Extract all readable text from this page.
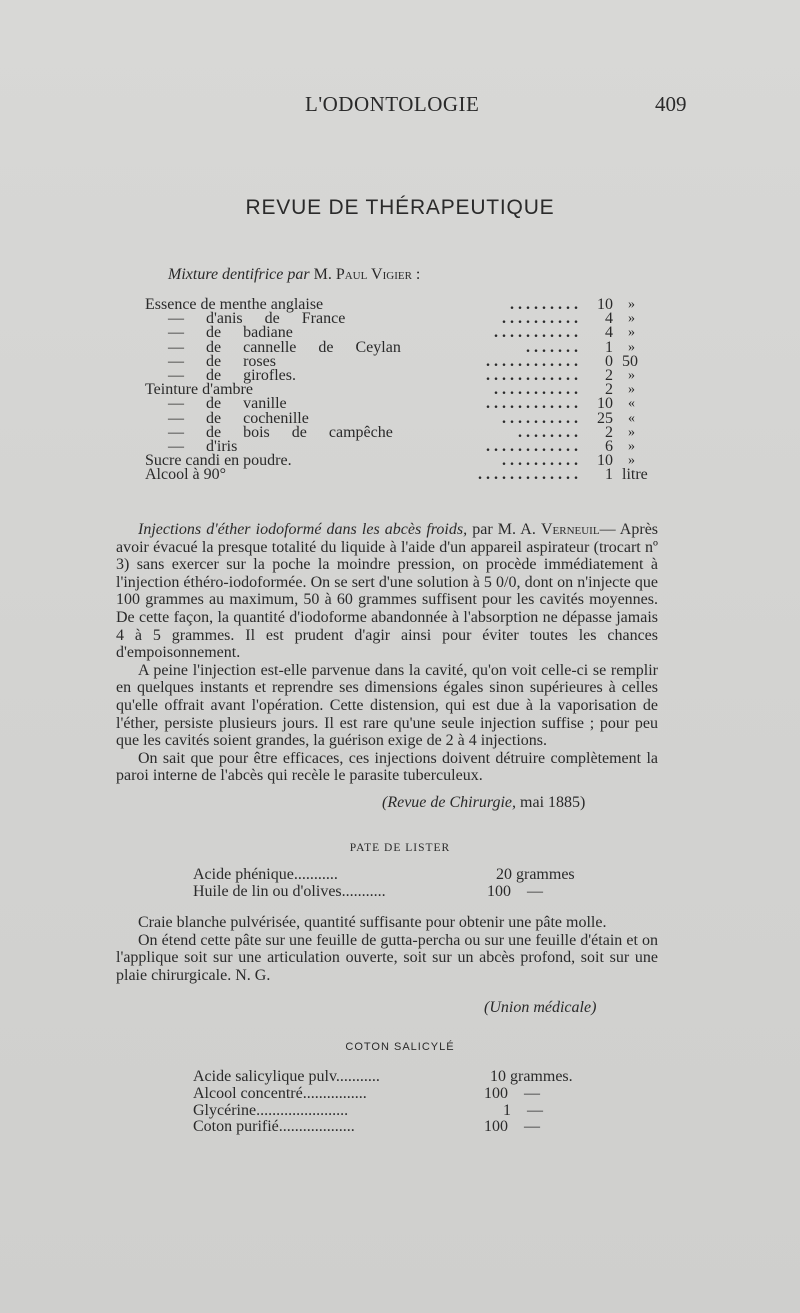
L'ODONTOLOGIE	409
REVUE DE THÉRAPEUTIQUE
Mixture dentifrice par M. Paul Vigier :
Essence de menthe anglaise	......... 10 »
— d'anis de France	.......... 4 »
— de badiane	........... 4 »
— de cannelle de Ceylan	....... 1 »
— de roses	............ 0 50
— de girofles.	............ 2 »
Teinture d'ambre	........... 2 »
— de vanille	............ 10 «
— de cochenille	.......... 25 «
— de bois de campêche	........ 2 »
— d'iris	............ 6 »
Sucre candi en poudre.	.......... 10 »
Alcool à 90°	............. 1 litre

Injections d'éther iodoformé dans les abcès froids, par M. A. Verneuil— Après avoir évacué la presque totalité du liquide à l'aide d'un appareil aspirateur (trocart nº 3) sans exercer sur la poche la moindre pression, on procède immédiatement à l'injection éthéro-iodoformée. On se sert d'une solution à 5 0/0, dont on n'injecte que 100 grammes au maximum, 50 à 60 grammes suffisent pour les cavités moyennes. De cette façon, la quantité d'iodoforme abandonnée à l'absorption ne dépasse jamais 4 à 5 grammes. Il est prudent d'agir ainsi pour éviter toutes les chances d'empoisonnement.

A peine l'injection est-elle parvenue dans la cavité, qu'on voit celle-ci se remplir en quelques instants et reprendre ses dimensions égales sinon supérieures à celles qu'elle offrait avant l'opération. Cette distension, qui est due à la vaporisation de l'éther, persiste plusieurs jours. Il est rare qu'une seule injection suffise ; pour peu que les cavités soient grandes, la guérison exige de 2 à 4 injections.

On sait que pour être efficaces, ces injections doivent détruire complètement la paroi interne de l'abcès qui recèle le parasite tuberculeux.

(Revue de Chirurgie, mai 1885)
PATE DE LISTER
Acide phénique...........	20 grammes
Huile de lin ou d'olives...........	100    —

Craie blanche pulvérisée, quantité suffisante pour obtenir une pâte molle.

On étend cette pâte sur une feuille de gutta-percha ou sur une feuille d'étain et on l'applique soit sur une articulation ouverte, soit sur un abcès profond, soit sur une plaie chirurgicale. N. G.

(Union médicale)
COTON SALICYLÉ
Acide salicylique pulv...........	10 grammes.
Alcool concentré................	100    —
Glycérine.......................	1    —
Coton purifié...................	100    —
